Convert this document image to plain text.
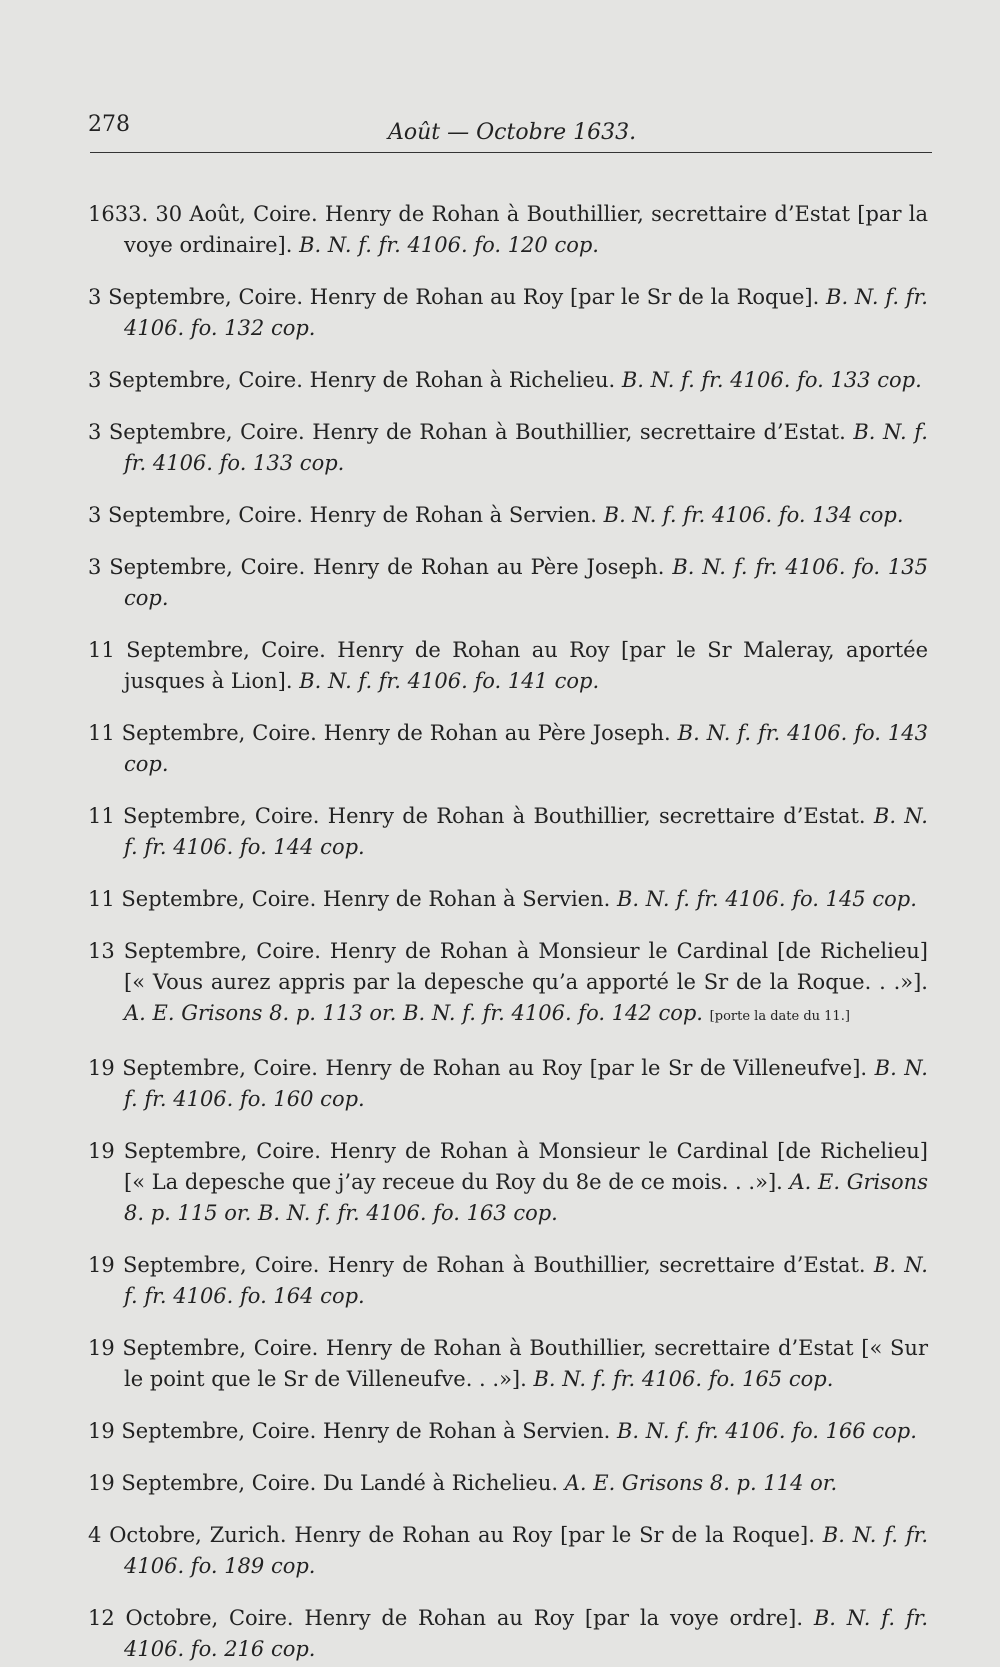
278	Août — Octobre 1633.

1633. 30 Août, Coire. Henry de Rohan à Bouthillier, secrettaire d’Estat [par la voye ordinaire]. B. N. f. fr. 4106. fo. 120 cop.

3 Septembre, Coire. Henry de Rohan au Roy [par le Sr de la Roque]. B. N. f. fr. 4106. fo. 132 cop.

3 Septembre, Coire. Henry de Rohan à Richelieu. B. N. f. fr. 4106. fo. 133 cop.

3 Septembre, Coire. Henry de Rohan à Bouthillier, secrettaire d’Estat. B. N. f. fr. 4106. fo. 133 cop.

3 Septembre, Coire. Henry de Rohan à Servien. B. N. f. fr. 4106. fo. 134 cop.

3 Septembre, Coire. Henry de Rohan au Père Joseph. B. N. f. fr. 4106. fo. 135 cop.

11 Septembre, Coire. Henry de Rohan au Roy [par le Sr Maleray, aportée jusques à Lion]. B. N. f. fr. 4106. fo. 141 cop.

11 Septembre, Coire. Henry de Rohan au Père Joseph. B. N. f. fr. 4106. fo. 143 cop.

11 Septembre, Coire. Henry de Rohan à Bouthillier, secrettaire d’Estat. B. N. f. fr. 4106. fo. 144 cop.

11 Septembre, Coire. Henry de Rohan à Servien. B. N. f. fr. 4106. fo. 145 cop.

13 Septembre, Coire. Henry de Rohan à Monsieur le Cardinal [de Richelieu] [« Vous aurez appris par la depesche qu’a apporté le Sr de la Roque. . .»]. A. E. Grisons 8. p. 113 or. B. N. f. fr. 4106. fo. 142 cop. [porte la date du 11.]

19 Septembre, Coire. Henry de Rohan au Roy [par le Sr de Villeneufve]. B. N. f. fr. 4106. fo. 160 cop.

19 Septembre, Coire. Henry de Rohan à Monsieur le Cardinal [de Richelieu] [« La depesche que j’ay receue du Roy du 8e de ce mois. . .»]. A. E. Grisons 8. p. 115 or. B. N. f. fr. 4106. fo. 163 cop.

19 Septembre, Coire. Henry de Rohan à Bouthillier, secrettaire d’Estat. B. N. f. fr. 4106. fo. 164 cop.

19 Septembre, Coire. Henry de Rohan à Bouthillier, secrettaire d’Estat [« Sur le point que le Sr de Villeneufve. . .»]. B. N. f. fr. 4106. fo. 165 cop.

19 Septembre, Coire. Henry de Rohan à Servien. B. N. f. fr. 4106. fo. 166 cop.

19 Septembre, Coire. Du Landé à Richelieu. A. E. Grisons 8. p. 114 or.

4 Octobre, Zurich. Henry de Rohan au Roy [par le Sr de la Roque]. B. N. f. fr. 4106. fo. 189 cop.

12 Octobre, Coire. Henry de Rohan au Roy [par la voye ordre]. B. N. f. fr. 4106. fo. 216 cop.
